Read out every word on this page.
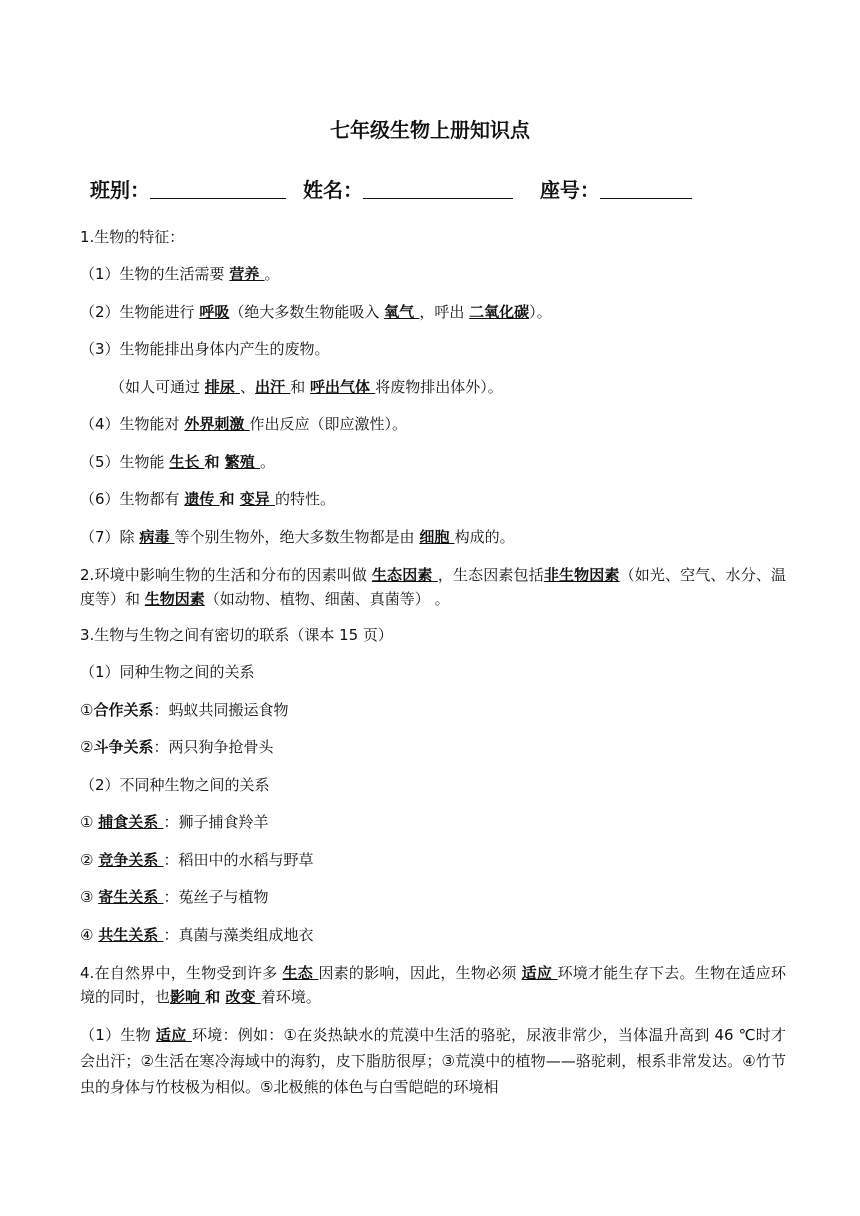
七年级生物上册知识点
班别：	姓名：	座号：
1.生物的特征：
（1）生物的生活需要 营养 。
（2）生物能进行 呼吸（绝大多数生物能吸入 氧气 ，呼出 二氧化碳）。
（3）生物能排出身体内产生的废物。
（如人可通过 排尿 、出汗 和 呼出气体 将废物排出体外）。
（4）生物能对 外界刺激 作出反应（即应激性）。
（5）生物能 生长 和 繁殖 。
（6）生物都有 遗传 和 变异 的特性。
（7）除 病毒 等个别生物外，绝大多数生物都是由 细胞 构成的。
2.环境中影响生物的生活和分布的因素叫做 生态因素 ，生态因素包括非生物因素（如光、空气、水分、温度等）和 生物因素（如动物、植物、细菌、真菌等） 。
3.生物与生物之间有密切的联系（课本 15 页）
（1）同种生物之间的关系
①合作关系：蚂蚁共同搬运食物
②斗争关系：两只狗争抢骨头
（2）不同种生物之间的关系
① 捕食关系 ：狮子捕食羚羊
② 竞争关系 ：稻田中的水稻与野草
③ 寄生关系 ：菟丝子与植物
④ 共生关系 ：真菌与藻类组成地衣
4.在自然界中，生物受到许多 生态 因素的影响，因此，生物必须 适应 环境才能生存下去。生物在适应环境的同时，也影响 和 改变 着环境。
（1）生物 适应 环境：例如：①在炎热缺水的荒漠中生活的骆驼，尿液非常少，当体温升高到 46 ℃时才会出汗；②生活在寒冷海域中的海豹，皮下脂肪很厚；③荒漠中的植物——骆驼刺，根系非常发达。④竹节虫的身体与竹枝极为相似。⑤北极熊的体色与白雪皑皑的环境相
